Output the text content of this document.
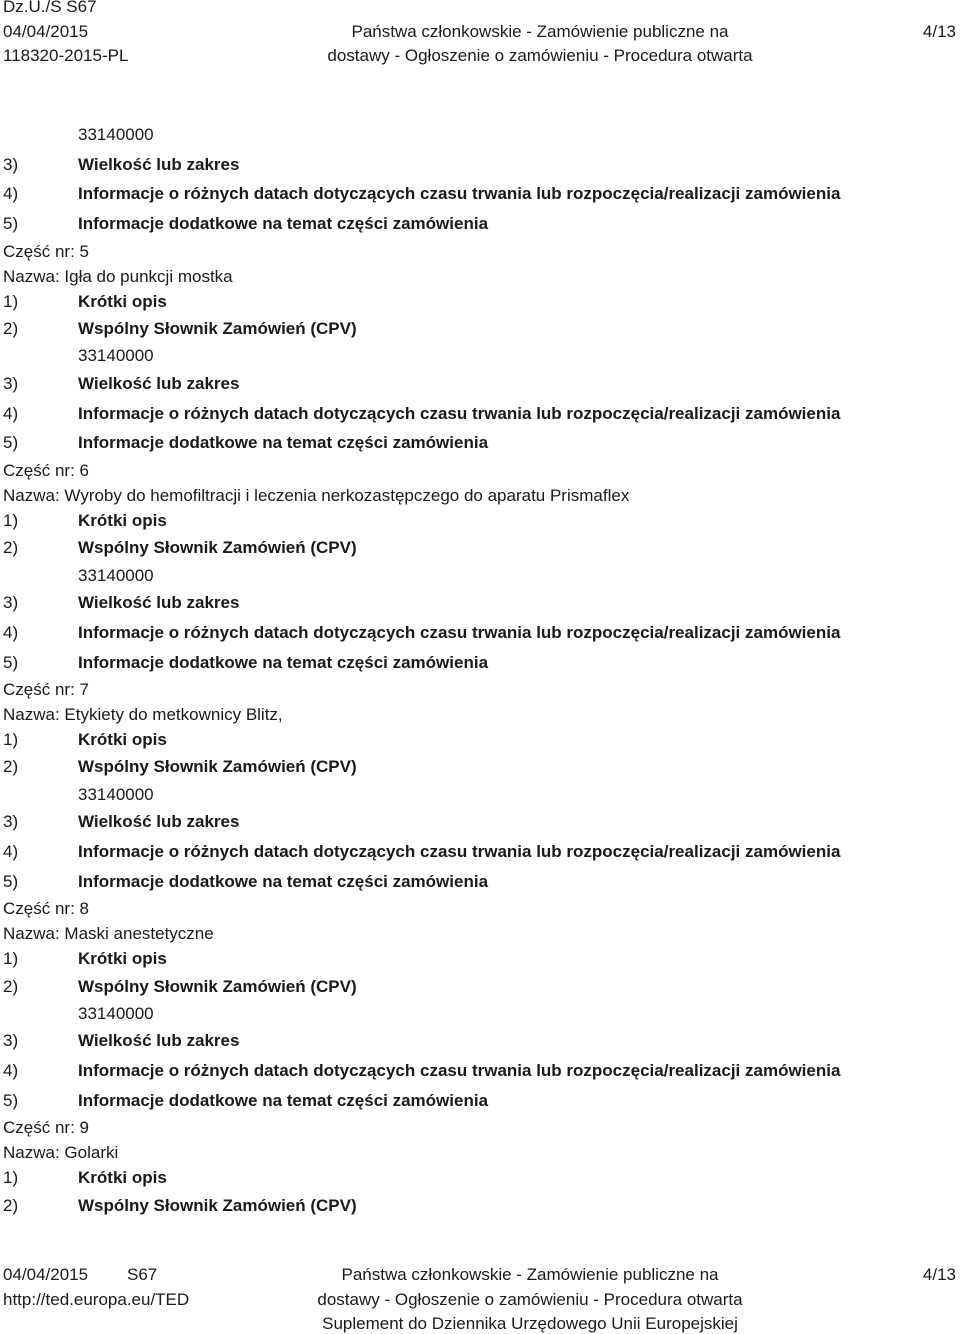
Dz.U./S S67
04/04/2015
118320-2015-PL
Państwa członkowskie - Zamówienie publiczne na
dostawy - Ogłoszenie o zamówieniu - Procedura otwarta
4/13
33140000
3)	Wielkość lub zakres
4)	Informacje o różnych datach dotyczących czasu trwania lub rozpoczęcia/realizacji zamówienia
5)	Informacje dodatkowe na temat części zamówienia
Część nr:
5
Nazwa:
Igła do punkcji mostka
1)	Krótki opis
2)	Wspólny Słownik Zamówień (CPV)
33140000
3)	Wielkość lub zakres
4)	Informacje o różnych datach dotyczących czasu trwania lub rozpoczęcia/realizacji zamówienia
5)	Informacje dodatkowe na temat części zamówienia
Część nr:
6
Nazwa:
Wyroby do hemofiltracji i leczenia nerkozastępczego do aparatu Prismaflex
1)	Krótki opis
2)	Wspólny Słownik Zamówień (CPV)
33140000
3)	Wielkość lub zakres
4)	Informacje o różnych datach dotyczących czasu trwania lub rozpoczęcia/realizacji zamówienia
5)	Informacje dodatkowe na temat części zamówienia
Część nr:
7
Nazwa:
Etykiety do metkownicy Blitz,
1)	Krótki opis
2)	Wspólny Słownik Zamówień (CPV)
33140000
3)	Wielkość lub zakres
4)	Informacje o różnych datach dotyczących czasu trwania lub rozpoczęcia/realizacji zamówienia
5)	Informacje dodatkowe na temat części zamówienia
Część nr:
8
Nazwa:
Maski anestetyczne
1)	Krótki opis
2)	Wspólny Słownik Zamówień (CPV)
33140000
3)	Wielkość lub zakres
4)	Informacje o różnych datach dotyczących czasu trwania lub rozpoczęcia/realizacji zamówienia
5)	Informacje dodatkowe na temat części zamówienia
Część nr:
9
Nazwa:
Golarki
1)	Krótki opis
2)	Wspólny Słownik Zamówień (CPV)
04/04/2015 S67
http://ted.europa.eu/TED
Państwa członkowskie - Zamówienie publiczne na
dostawy - Ogłoszenie o zamówieniu - Procedura otwarta
Suplement do Dziennika Urzędowego Unii Europejskiej
4/13
